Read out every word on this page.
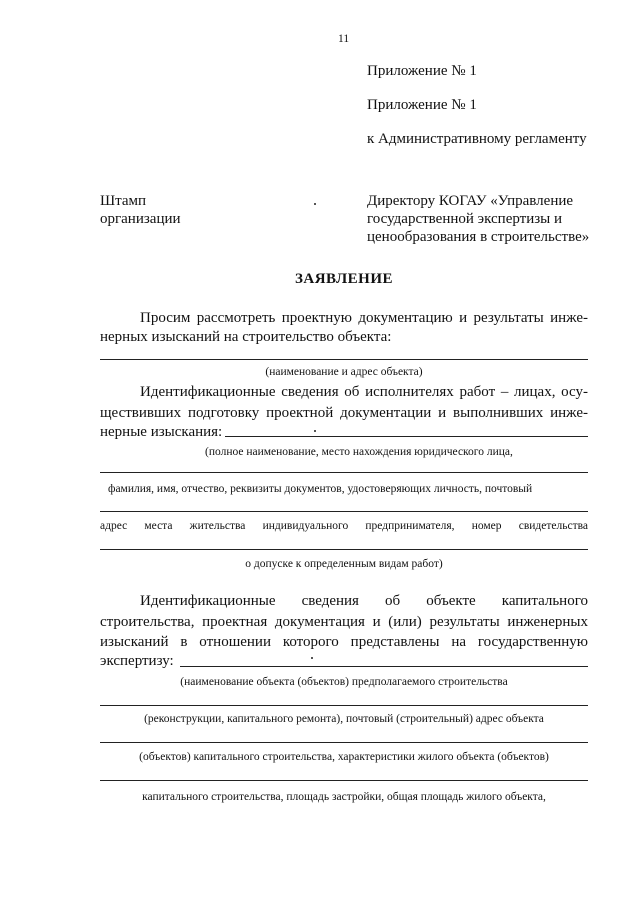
11
Приложение № 1
Приложение № 1
к Административному регламенту
Штамп
организации
Директору КОГАУ «Управление
государственной экспертизы и
ценообразования в строительстве»
ЗАЯВЛЕНИЕ
Просим рассмотреть проектную документацию и результаты инже-
нерных изысканий на строительство объекта:
(наименование и адрес объекта)
Идентификационные сведения об исполнителях работ – лицах, осу-
ществивших подготовку проектной документации и выполнивших инже-
нерные изыскания:
(полное наименование, место нахождения юридического лица,
фамилия, имя, отчество, реквизиты документов, удостоверяющих личность, почтовый
адрес места жительства индивидуального предпринимателя, номер свидетельства
о допуске к определенным видам работ)
Идентификационные сведения об объекте капитального
строительства, проектная документация и (или) результаты инженерных
изысканий в отношении которого представлены на государственную
экспертизу:
(наименование объекта (объектов) предполагаемого строительства
(реконструкции, капитального ремонта), почтовый (строительный) адрес объекта
(объектов) капитального строительства, характеристики жилого объекта (объектов)
капитального строительства, площадь застройки, общая площадь жилого объекта,
